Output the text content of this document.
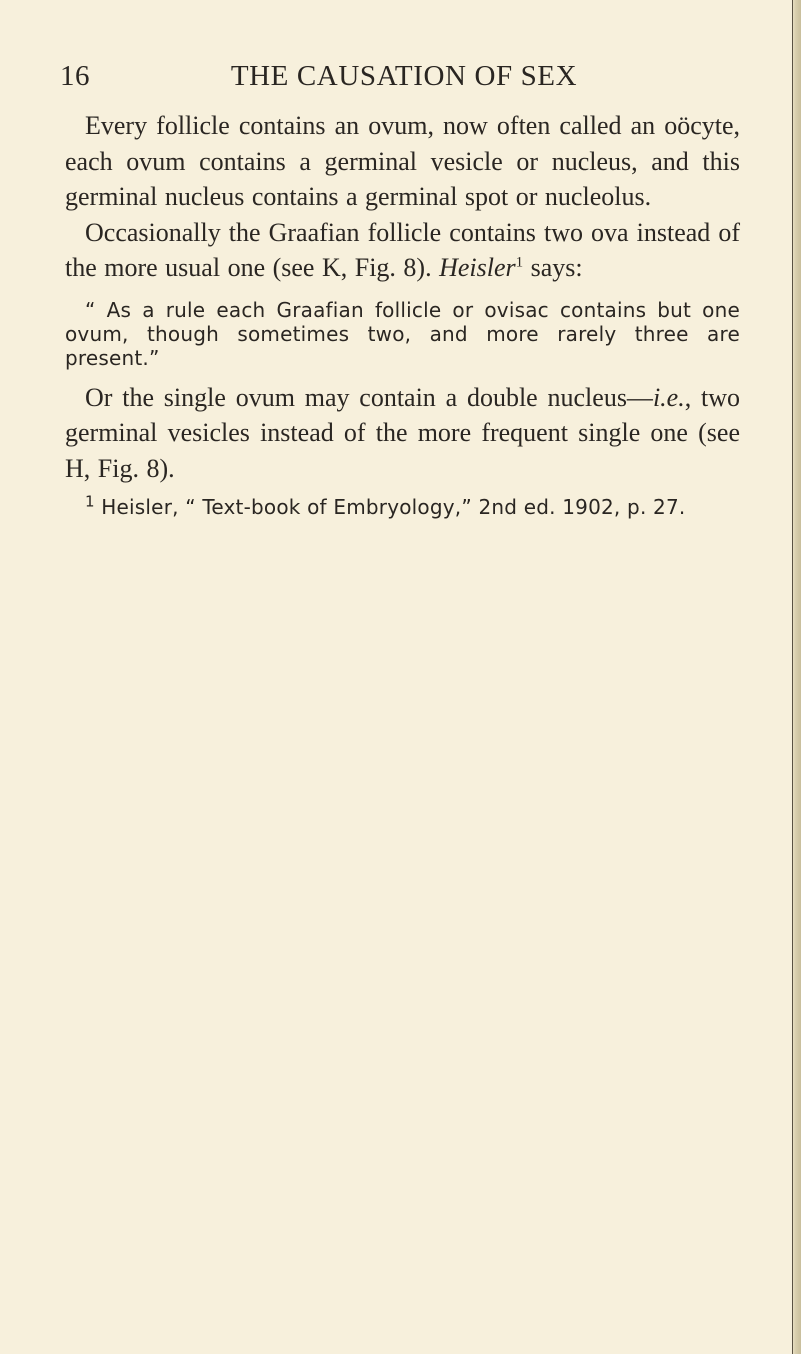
16	THE CAUSATION OF SEX

Every follicle contains an ovum, now often called an oöcyte, each ovum contains a germinal vesicle or nucleus, and this germinal nucleus contains a germinal spot or nucleolus.

Occasionally the Graafian follicle contains two ova instead of the more usual one (see K, Fig. 8). Heisler$^1$ says:

“ As a rule each Graafian follicle or ovisac contains but one ovum, though sometimes two, and more rarely three are present.”

Or the single ovum may contain a double nucleus—i.e., two germinal vesicles instead of the more frequent single one (see H, Fig. 8).

$^1$ Heisler, “ Text-book of Embryology,” 2nd ed. 1902, p. 27.
